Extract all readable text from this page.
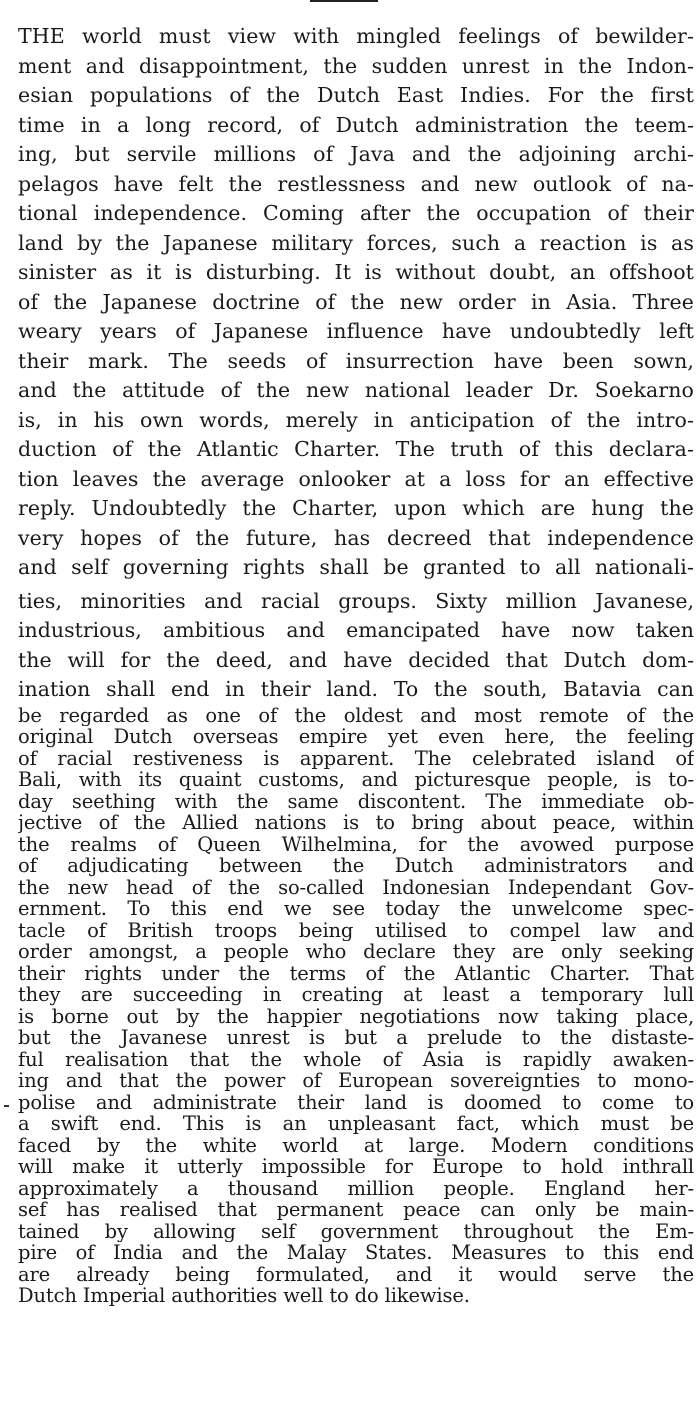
THE world must view with mingled feelings of bewilder-
ment and disappointment, the sudden unrest in the Indon-
esian populations of the Dutch East Indies. For the first
time in a long record, of Dutch administration the teem-
ing, but servile millions of Java and the adjoining archi-
pelagos have felt the restlessness and new outlook of na-
tional independence. Coming after the occupation of their
land by the Japanese military forces, such a reaction is as
sinister as it is disturbing. It is without doubt, an offshoot
of the Japanese doctrine of the new order in Asia. Three
weary years of Japanese influence have undoubtedly left
their mark. The seeds of insurrection have been sown,
and the attitude of the new national leader Dr. Soekarno
is, in his own words, merely in anticipation of the intro-
duction of the Atlantic Charter. The truth of this declara-
tion leaves the average onlooker at a loss for an effective
reply. Undoubtedly the Charter, upon which are hung the
very hopes of the future, has decreed that independence
and self governing rights shall be granted to all nationali-
ties, minorities and racial groups. Sixty million Javanese,
industrious, ambitious and emancipated have now taken
the will for the deed, and have decided that Dutch dom-
ination shall end in their land. To the south, Batavia can
be regarded as one of the oldest and most remote of the
original Dutch overseas empire yet even here, the feeling
of racial restiveness is apparent. The celebrated island of
Bali, with its quaint customs, and picturesque people, is to-
day seething with the same discontent. The immediate ob-
jective of the Allied nations is to bring about peace, within
the realms of Queen Wilhelmina, for the avowed purpose
of adjudicating between the Dutch administrators and
the new head of the so-called Indonesian Independant Gov-
ernment. To this end we see today the unwelcome spec-
tacle of British troops being utilised to compel law and
order amongst, a people who declare they are only seeking
their rights under the terms of the Atlantic Charter. That
they are succeeding in creating at least a temporary lull
is borne out by the happier negotiations now taking place,
but the Javanese unrest is but a prelude to the distaste-
ful realisation that the whole of Asia is rapidly awaken-
ing and that the power of European sovereignties to mono-
polise and administrate their land is doomed to come to
a swift end. This is an unpleasant fact, which must be
faced by the white world at large. Modern conditions
will make it utterly impossible for Europe to hold inthrall
approximately a thousand million people. England her-
sef has realised that permanent peace can only be main-
tained by allowing self government throughout the Em-
pire of India and the Malay States. Measures to this end
are already being formulated, and it would serve the
Dutch Imperial authorities well to do likewise.
